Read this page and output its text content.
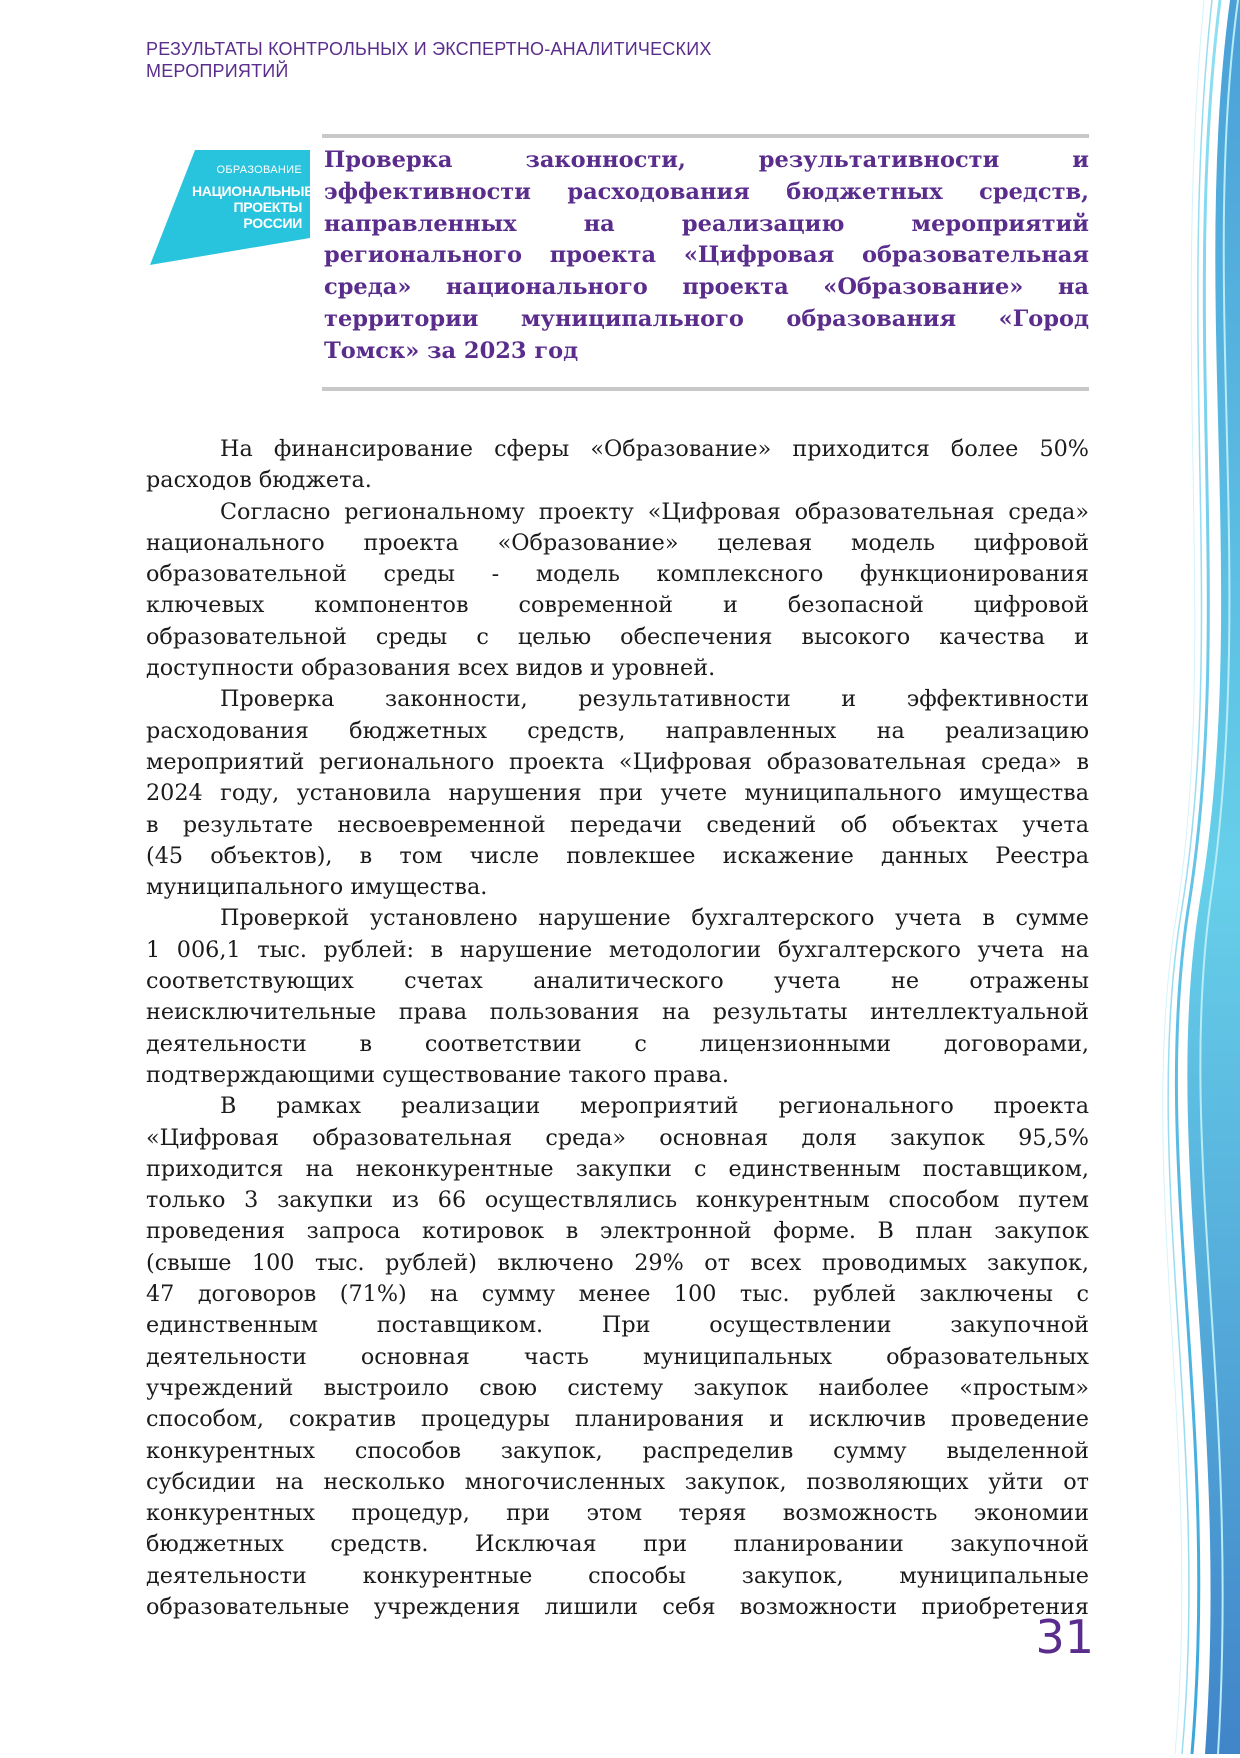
РЕЗУЛЬТАТЫ КОНТРОЛЬНЫХ И ЭКСПЕРТНО-АНАЛИТИЧЕСКИХ
МЕРОПРИЯТИЙ
ОБРАЗОВАНИЕ
НАЦИОНАЛЬНЫЕ
ПРОЕКТЫ
РОССИИ
Проверка законности, результативности и
эффективности расходования бюджетных средств,
направленных на реализацию мероприятий
регионального проекта «Цифровая образовательная
среда» национального проекта «Образование» на
территории муниципального образования «Город
Томск» за 2023 год
На финансирование сферы «Образование» приходится более 50%
расходов бюджета.
Согласно региональному проекту «Цифровая образовательная среда»
национального проекта «Образование» целевая модель цифровой
образовательной среды - модель комплексного функционирования
ключевых компонентов современной и безопасной цифровой
образовательной среды с целью обеспечения высокого качества и
доступности образования всех видов и уровней.
Проверка законности, результативности и эффективности
расходования бюджетных средств, направленных на реализацию
мероприятий регионального проекта «Цифровая образовательная среда» в
2024 году, установила нарушения при учете муниципального имущества
в результате несвоевременной передачи сведений об объектах учета
(45 объектов), в том числе повлекшее искажение данных Реестра
муниципального имущества.
Проверкой установлено нарушение бухгалтерского учета в сумме
1 006,1 тыс. рублей: в нарушение методологии бухгалтерского учета на
соответствующих счетах аналитического учета не отражены
неисключительные права пользования на результаты интеллектуальной
деятельности в соответствии с лицензионными договорами,
подтверждающими существование такого права.
В рамках реализации мероприятий регионального проекта
«Цифровая образовательная среда» основная доля закупок 95,5%
приходится на неконкурентные закупки с единственным поставщиком,
только 3 закупки из 66 осуществлялись конкурентным способом путем
проведения запроса котировок в электронной форме. В план закупок
(свыше 100 тыс. рублей) включено 29% от всех проводимых закупок,
47 договоров (71%) на сумму менее 100 тыс. рублей заключены с
единственным поставщиком. При осуществлении закупочной
деятельности основная часть муниципальных образовательных
учреждений выстроило свою систему закупок наиболее «простым»
способом, сократив процедуры планирования и исключив проведение
конкурентных способов закупок, распределив сумму выделенной
субсидии на несколько многочисленных закупок, позволяющих уйти от
конкурентных процедур, при этом теряя возможность экономии
бюджетных средств. Исключая при планировании закупочной
деятельности конкурентные способы закупок, муниципальные
образовательные учреждения лишили себя возможности приобретения
31
